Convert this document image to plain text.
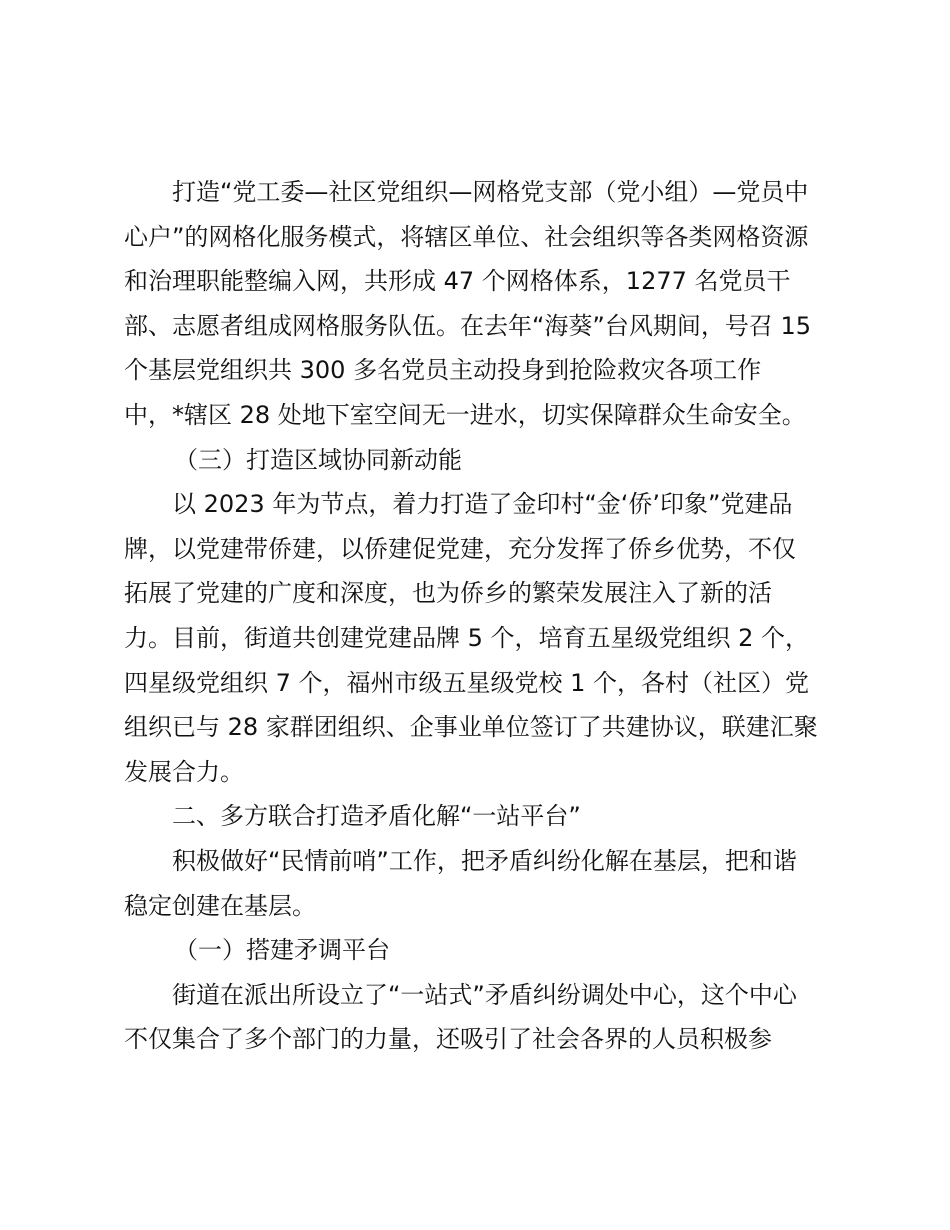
打造“党工委—社区党组织—网格党支部（党小组）—党员中
心户”的网格化服务模式，将辖区单位、社会组织等各类网格资源
和治理职能整编入网，共形成 47 个网格体系，1277 名党员干
部、志愿者组成网格服务队伍。在去年“海葵”台风期间，号召 15
个基层党组织共 300 多名党员主动投身到抢险救灾各项工作
中，*辖区 28 处地下室空间无一进水，切实保障群众生命安全。
（三）打造区域协同新动能
以 2023 年为节点，着力打造了金印村“金‘侨’印象”党建品
牌，以党建带侨建，以侨建促党建，充分发挥了侨乡优势，不仅
拓展了党建的广度和深度，也为侨乡的繁荣发展注入了新的活
力。目前，街道共创建党建品牌 5 个，培育五星级党组织 2 个，
四星级党组织 7 个，福州市级五星级党校 1 个，各村（社区）党
组织已与 28 家群团组织、企事业单位签订了共建协议，联建汇聚
发展合力。
二、多方联合打造矛盾化解“一站平台”
积极做好“民情前哨”工作，把矛盾纠纷化解在基层，把和谐
稳定创建在基层。
（一）搭建矛调平台
街道在派出所设立了“一站式”矛盾纠纷调处中心，这个中心
不仅集合了多个部门的力量，还吸引了社会各界的人员积极参
